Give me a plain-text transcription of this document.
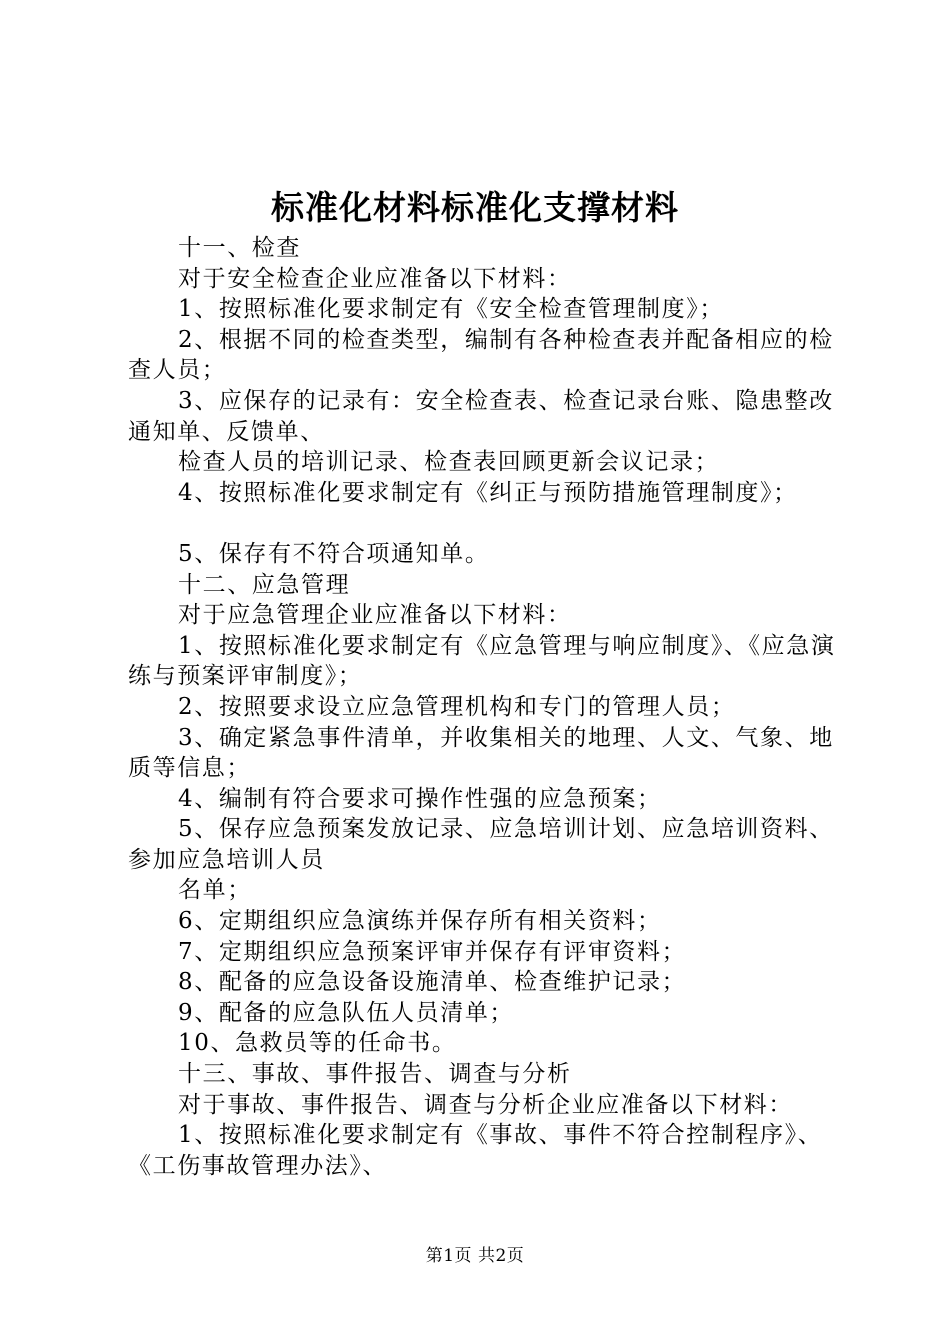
标准化材料标准化支撑材料

十一、检查

对于安全检查企业应准备以下材料：

1、按照标准化要求制定有《安全检查管理制度》；

2、根据不同的检查类型，编制有各种检查表并配备相应的检查人员；

3、应保存的记录有：安全检查表、检查记录台账、隐患整改通知单、反馈单、

检查人员的培训记录、检查表回顾更新会议记录；

4、按照标准化要求制定有《纠正与预防措施管理制度》；

5、保存有不符合项通知单。

十二、应急管理

对于应急管理企业应准备以下材料：

1、按照标准化要求制定有《应急管理与响应制度》、《应急演练与预案评审制度》；

2、按照要求设立应急管理机构和专门的管理人员；

3、确定紧急事件清单，并收集相关的地理、人文、气象、地质等信息；

4、编制有符合要求可操作性强的应急预案；

5、保存应急预案发放记录、应急培训计划、应急培训资料、参加应急培训人员

名单；

6、定期组织应急演练并保存所有相关资料；

7、定期组织应急预案评审并保存有评审资料；

8、配备的应急设备设施清单、检查维护记录；

9、配备的应急队伍人员清单；

10、急救员等的任命书。

十三、事故、事件报告、调查与分析

对于事故、事件报告、调查与分析企业应准备以下材料：

1、按照标准化要求制定有《事故、事件不符合控制程序》、《工伤事故管理办法》、

第1页 共2页
